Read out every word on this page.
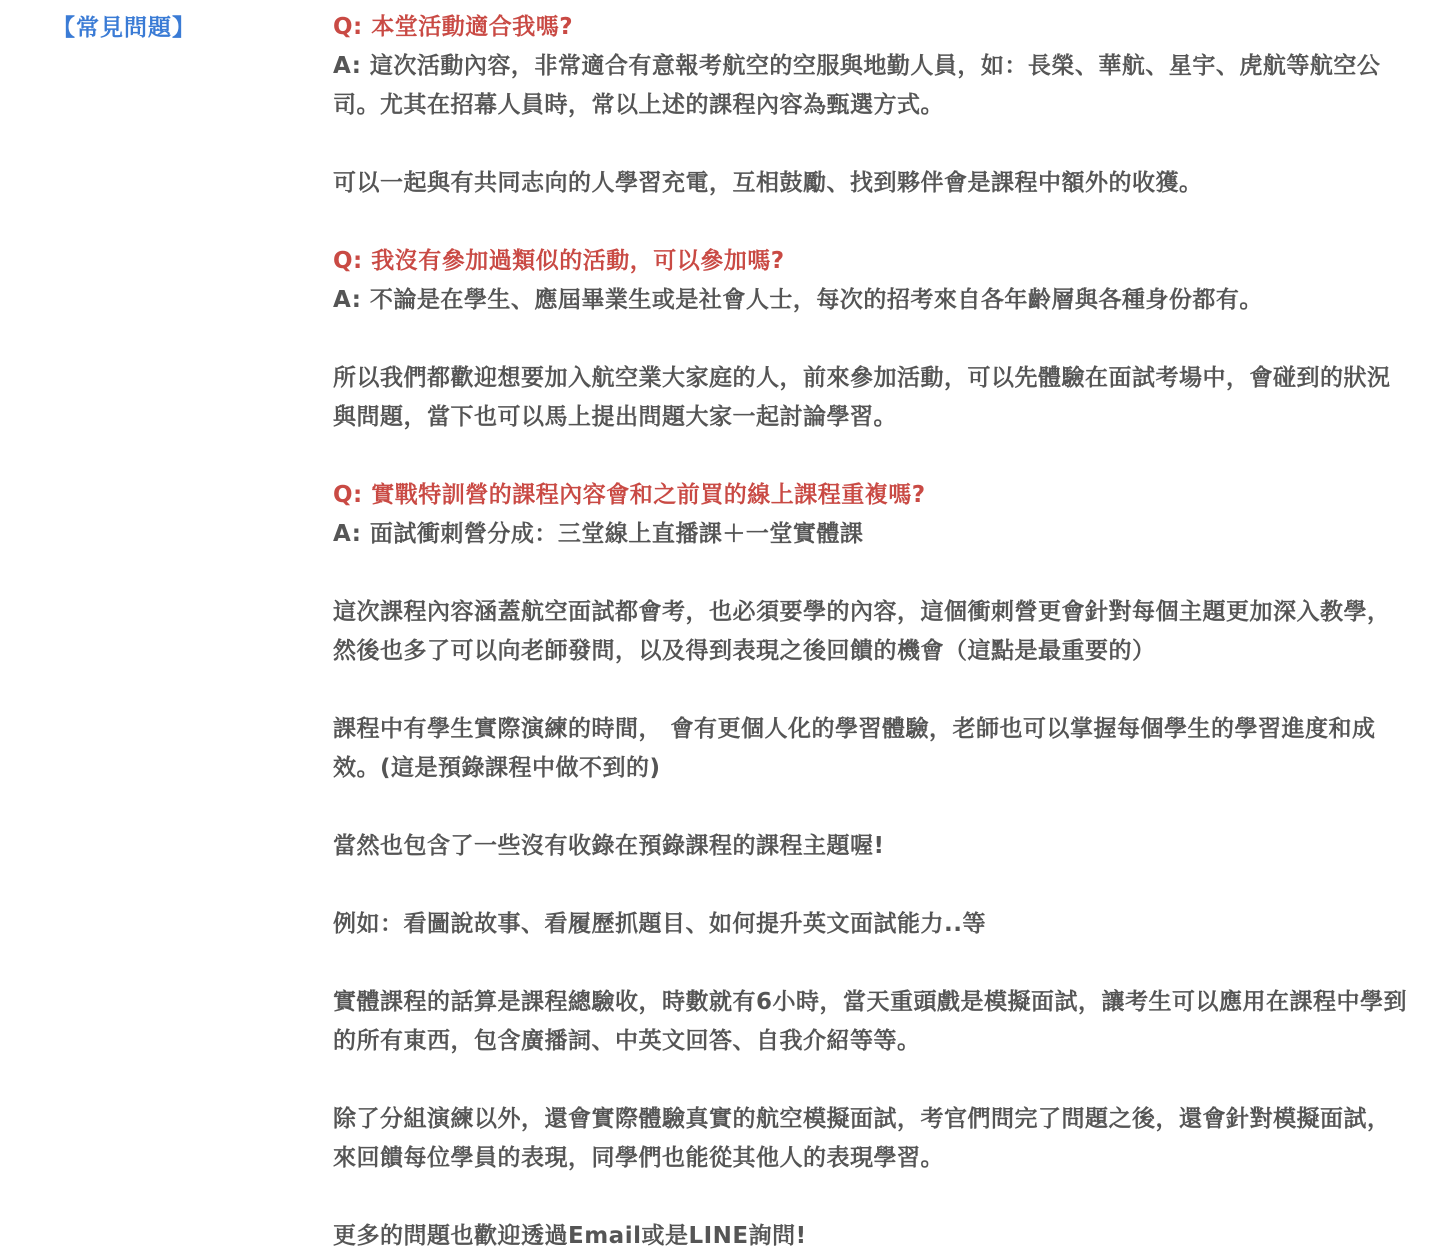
【常見問題】	Q: 本堂活動適合我嗎?
A: 這次活動內容，非常適合有意報考航空的空服與地勤人員，如：長榮、華航、星宇、虎航等航空公司。尤其在招幕人員時，常以上述的課程內容為甄選方式。
可以一起與有共同志向的人學習充電，互相鼓勵、找到夥伴會是課程中額外的收獲。
Q: 我沒有參加過類似的活動，可以參加嗎?
A: 不論是在學生、應屆畢業生或是社會人士，每次的招考來自各年齡層與各種身份都有。
所以我們都歡迎想要加入航空業大家庭的人，前來參加活動，可以先體驗在面試考場中，會碰到的狀況與問題，當下也可以馬上提出問題大家一起討論學習。
Q: 實戰特訓營的課程內容會和之前買的線上課程重複嗎?
A: 面試衝刺營分成：三堂線上直播課＋一堂實體課
這次課程內容涵蓋航空面試都會考，也必須要學的內容，這個衝刺營更會針對每個主題更加深入教學，然後也多了可以向老師發問，以及得到表現之後回饋的機會（這點是最重要的）
課程中有學生實際演練的時間， 會有更個人化的學習體驗，老師也可以掌握每個學生的學習進度和成效。(這是預錄課程中做不到的)
當然也包含了一些沒有收錄在預錄課程的課程主題喔!
例如：看圖說故事、看履歷抓題目、如何提升英文面試能力..等
實體課程的話算是課程總驗收，時數就有6小時，當天重頭戲是模擬面試，讓考生可以應用在課程中學到的所有東西，包含廣播詞、中英文回答、自我介紹等等。
除了分組演練以外，還會實際體驗真實的航空模擬面試，考官們問完了問題之後，還會針對模擬面試，來回饋每位學員的表現，同學們也能從其他人的表現學習。
更多的問題也歡迎透過Email或是LINE詢問!
